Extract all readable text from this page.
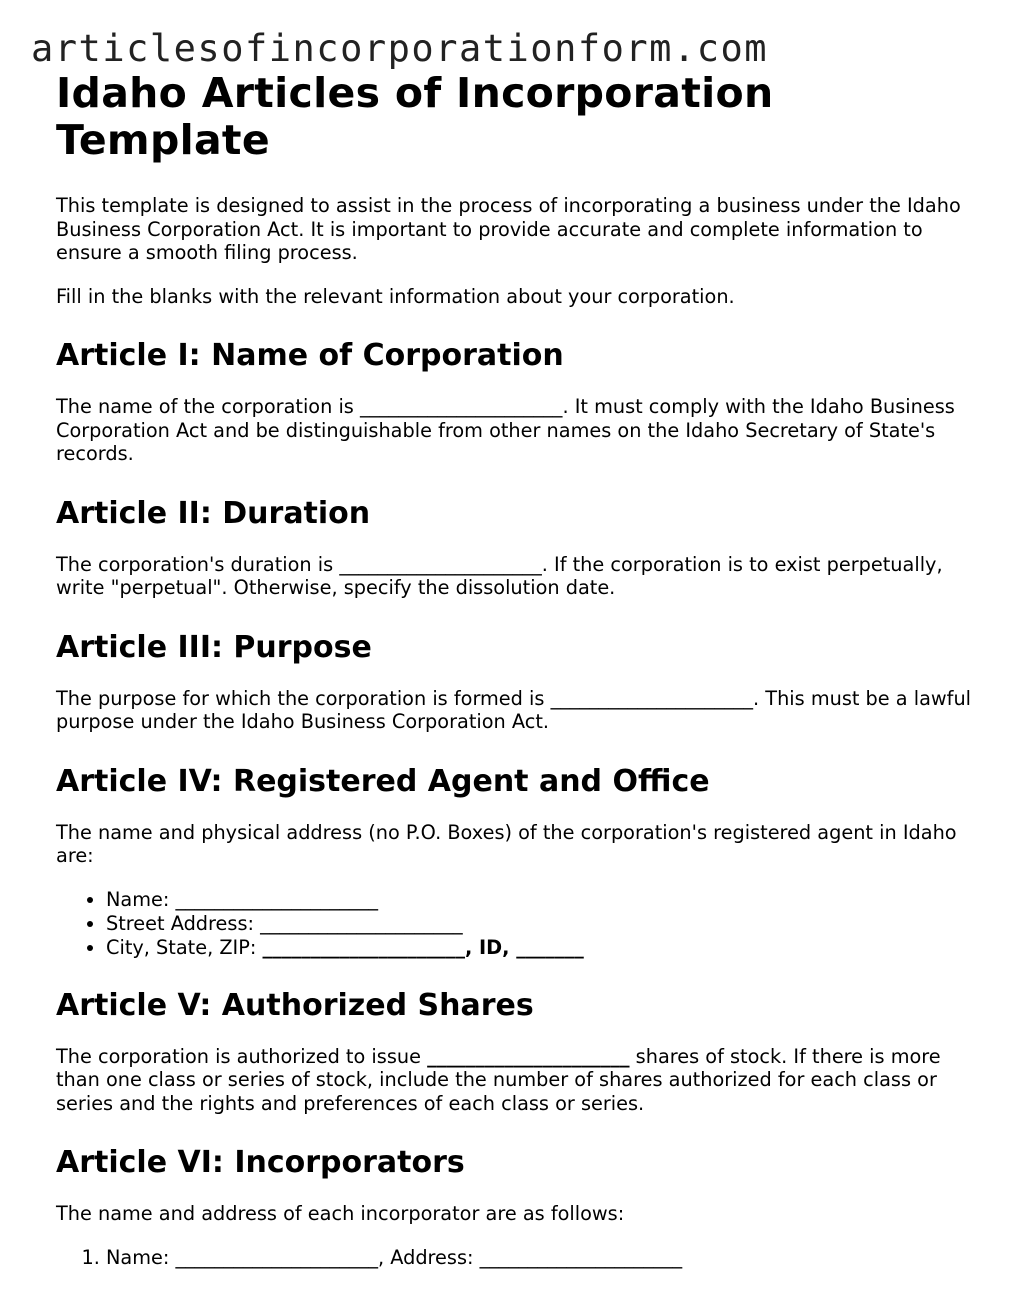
articlesofincorporationform.com
Idaho Articles of Incorporation Template

This template is designed to assist in the process of incorporating a business under the Idaho Business Corporation Act. It is important to provide accurate and complete information to ensure a smooth filing process.

Fill in the blanks with the relevant information about your corporation.

Article I: Name of Corporation

The name of the corporation is _____________________. It must comply with the Idaho Business Corporation Act and be distinguishable from other names on the Idaho Secretary of State's records.

Article II: Duration

The corporation's duration is _____________________. If the corporation is to exist perpetually, write "perpetual". Otherwise, specify the dissolution date.

Article III: Purpose

The purpose for which the corporation is formed is _____________________. This must be a lawful purpose under the Idaho Business Corporation Act.

Article IV: Registered Agent and Office

The name and physical address (no P.O. Boxes) of the corporation's registered agent in Idaho are:

• Name: _____________________
• Street Address: _____________________
• City, State, ZIP: _____________________, ID, _______
Article V: Authorized Shares

The corporation is authorized to issue _____________________ shares of stock. If there is more than one class or series of stock, include the number of shares authorized for each class or series and the rights and preferences of each class or series.

Article VI: Incorporators

The name and address of each incorporator are as follows:

1. Name: _____________________, Address: _____________________
